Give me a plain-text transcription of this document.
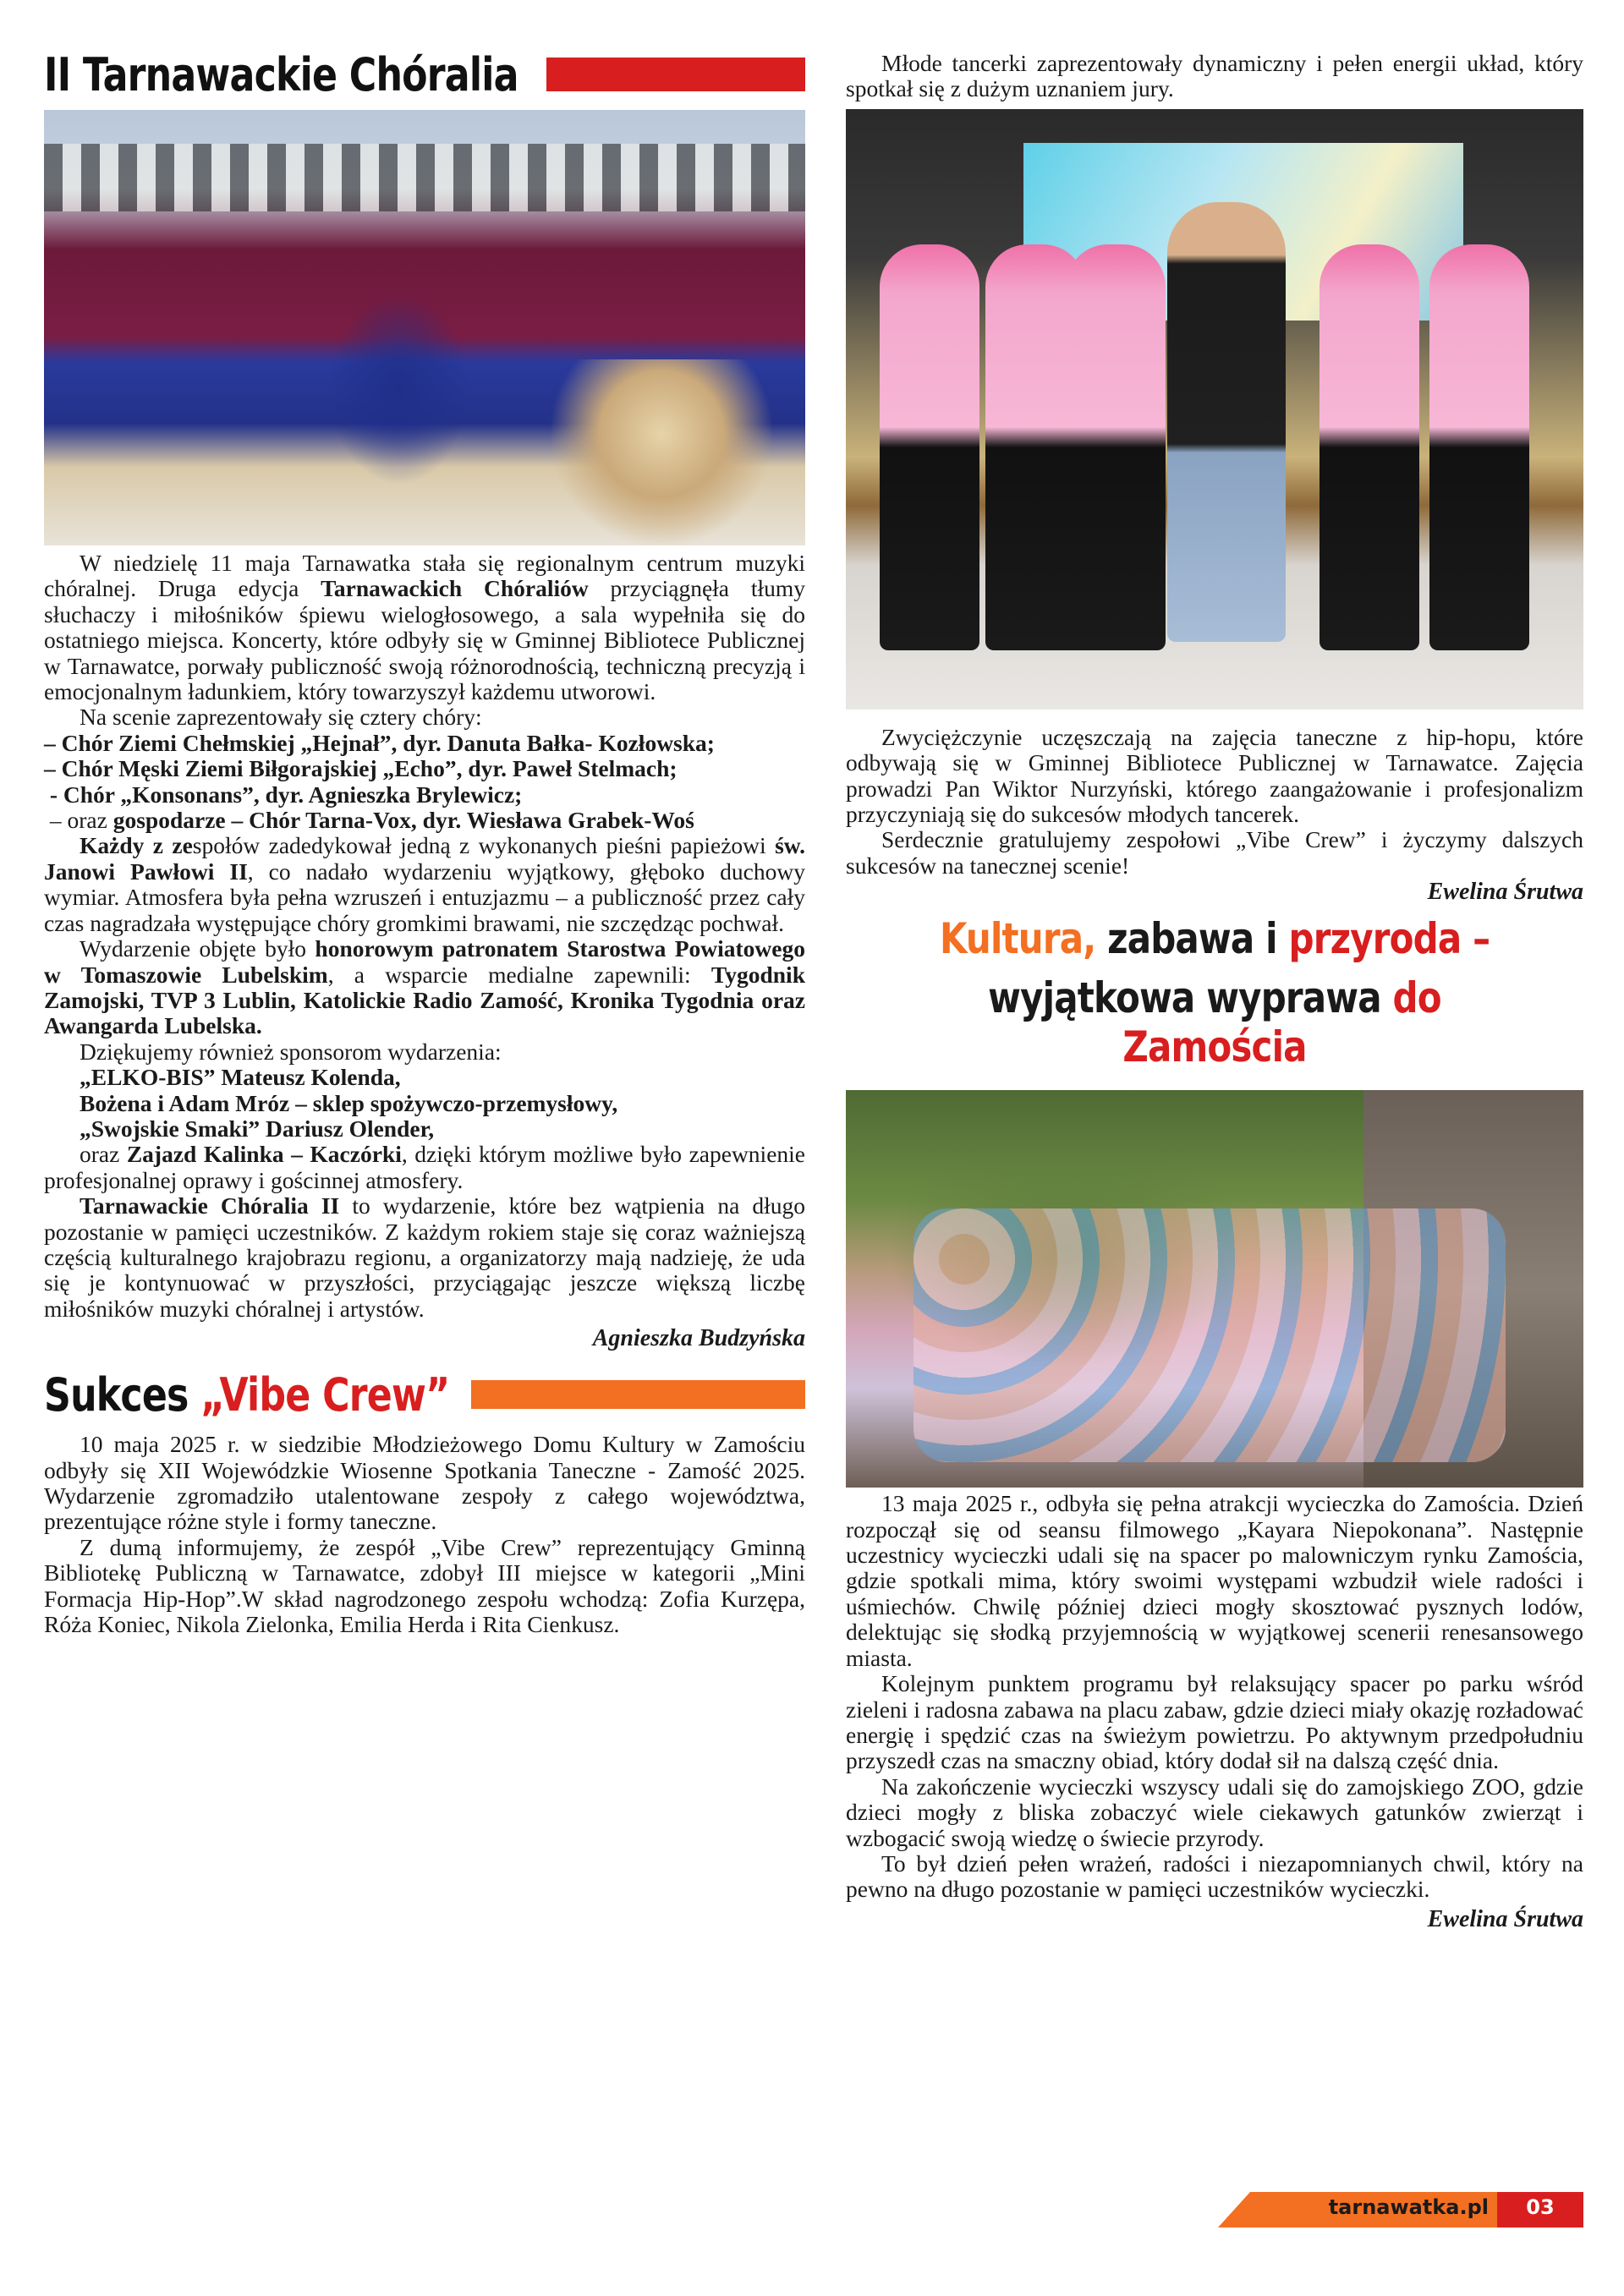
II Tarnawackie Chóralia

W niedzielę 11 maja Tarnawatka stała się regionalnym centrum muzyki chóralnej. Druga edycja Tarnawackich Chóraliów przyciągnęła tłumy słuchaczy i miłośników śpiewu wielogłosowego, a sala wypełniła się do ostatniego miejsca. Koncerty, które odbyły się w Gminnej Bibliotece Publicznej w Tarnawatce, porwały publiczność swoją różnorodnością, techniczną precyzją i emocjonalnym ładunkiem, który towarzyszył każdemu utworowi.

Na scenie zaprezentowały się cztery chóry:

– Chór Ziemi Chełmskiej „Hejnał”, dyr. Danuta Bałka- Kozłowska;

– Chór Męski Ziemi Biłgorajskiej „Echo”, dyr. Paweł Stelmach;

- Chór „Konsonans”, dyr. Agnieszka Brylewicz;

– oraz gospodarze – Chór Tarna-Vox, dyr. Wiesława Grabek-Woś

Każdy z zespołów zadedykował jedną z wykonanych pieśni papieżowi św. Janowi Pawłowi II, co nadało wydarzeniu wyjątkowy, głęboko duchowy wymiar. Atmosfera była pełna wzruszeń i entuzjazmu – a publiczność przez cały czas nagradzała występujące chóry gromkimi brawami, nie szczędząc pochwał.

Wydarzenie objęte było honorowym patronatem Starostwa Powiatowego w Tomaszowie Lubelskim, a wsparcie medialne zapewnili: Tygodnik Zamojski, TVP 3 Lublin, Katolickie Radio Zamość, Kronika Tygodnia oraz Awangarda Lubelska.

Dziękujemy również sponsorom wydarzenia:

„ELKO-BIS” Mateusz Kolenda,

Bożena i Adam Mróz – sklep spożywczo-przemysłowy,

„Swojskie Smaki” Dariusz Olender,

oraz Zajazd Kalinka – Kaczórki, dzięki którym możliwe było zapewnienie profesjonalnej oprawy i gościnnej atmosfery.

Tarnawackie Chóralia II to wydarzenie, które bez wątpienia na długo pozostanie w pamięci uczestników. Z każdym rokiem staje się coraz ważniejszą częścią kulturalnego krajobrazu regionu, a organizatorzy mają nadzieję, że uda się je kontynuować w przyszłości, przyciągając jeszcze większą liczbę miłośników muzyki chóralnej i artystów.

Agnieszka Budzyńska
Sukces „Vibe Crew”

10 maja 2025 r. w siedzibie Młodzieżowego Domu Kultury w Zamościu odbyły się XII Wojewódzkie Wiosenne Spotkania Taneczne - Zamość 2025. Wydarzenie zgromadziło utalentowane zespoły z całego województwa, prezentujące różne style i formy taneczne.

Z dumą informujemy, że zespół „Vibe Crew” reprezentujący Gminną Bibliotekę Publiczną w Tarnawatce, zdobył III miejsce w kategorii „Mini Formacja Hip-Hop”.W skład nagrodzonego zespołu wchodzą: Zofia Kurzępa, Róża Koniec, Nikola Zielonka, Emilia Herda i Rita Cienkusz.

Młode tancerki zaprezentowały dynamiczny i pełen energii układ, który spotkał się z dużym uznaniem jury.

Zwyciężczynie uczęszczają na zajęcia taneczne z hip-hopu, które odbywają się w Gminnej Bibliotece Publicznej w Tarnawatce. Zajęcia prowadzi Pan Wiktor Nurzyński, którego zaangażowanie i profesjonalizm przyczyniają się do sukcesów młodych tancerek.

Serdecznie gratulujemy zespołowi „Vibe Crew” i życzymy dalszych sukcesów na tanecznej scenie!

Ewelina Śrutwa
Kultura, zabawa i przyroda –
wyjątkowa wyprawa do Zamościa

13 maja 2025 r., odbyła się pełna atrakcji wycieczka do Zamościa. Dzień rozpoczął się od seansu filmowego „Kayara Niepokonana”. Następnie uczestnicy wycieczki udali się na spacer po malowniczym rynku Zamościa, gdzie spotkali mima, który swoimi występami wzbudził wiele radości i uśmiechów. Chwilę później dzieci mogły skosztować pysznych lodów, delektując się słodką przyjemnością w wyjątkowej scenerii renesansowego miasta.

Kolejnym punktem programu był relaksujący spacer po parku wśród zieleni i radosna zabawa na placu zabaw, gdzie dzieci miały okazję rozładować energię i spędzić czas na świeżym powietrzu. Po aktywnym przedpołudniu przyszedł czas na smaczny obiad, który dodał sił na dalszą część dnia.

Na zakończenie wycieczki wszyscy udali się do zamojskiego ZOO, gdzie dzieci mogły z bliska zobaczyć wiele ciekawych gatunków zwierząt i wzbogacić swoją wiedzę o świecie przyrody.

To był dzień pełen wrażeń, radości i niezapomnianych chwil, który na pewno na długo pozostanie w pamięci uczestników wycieczki.

Ewelina Śrutwa
tarnawatka.pl	03
